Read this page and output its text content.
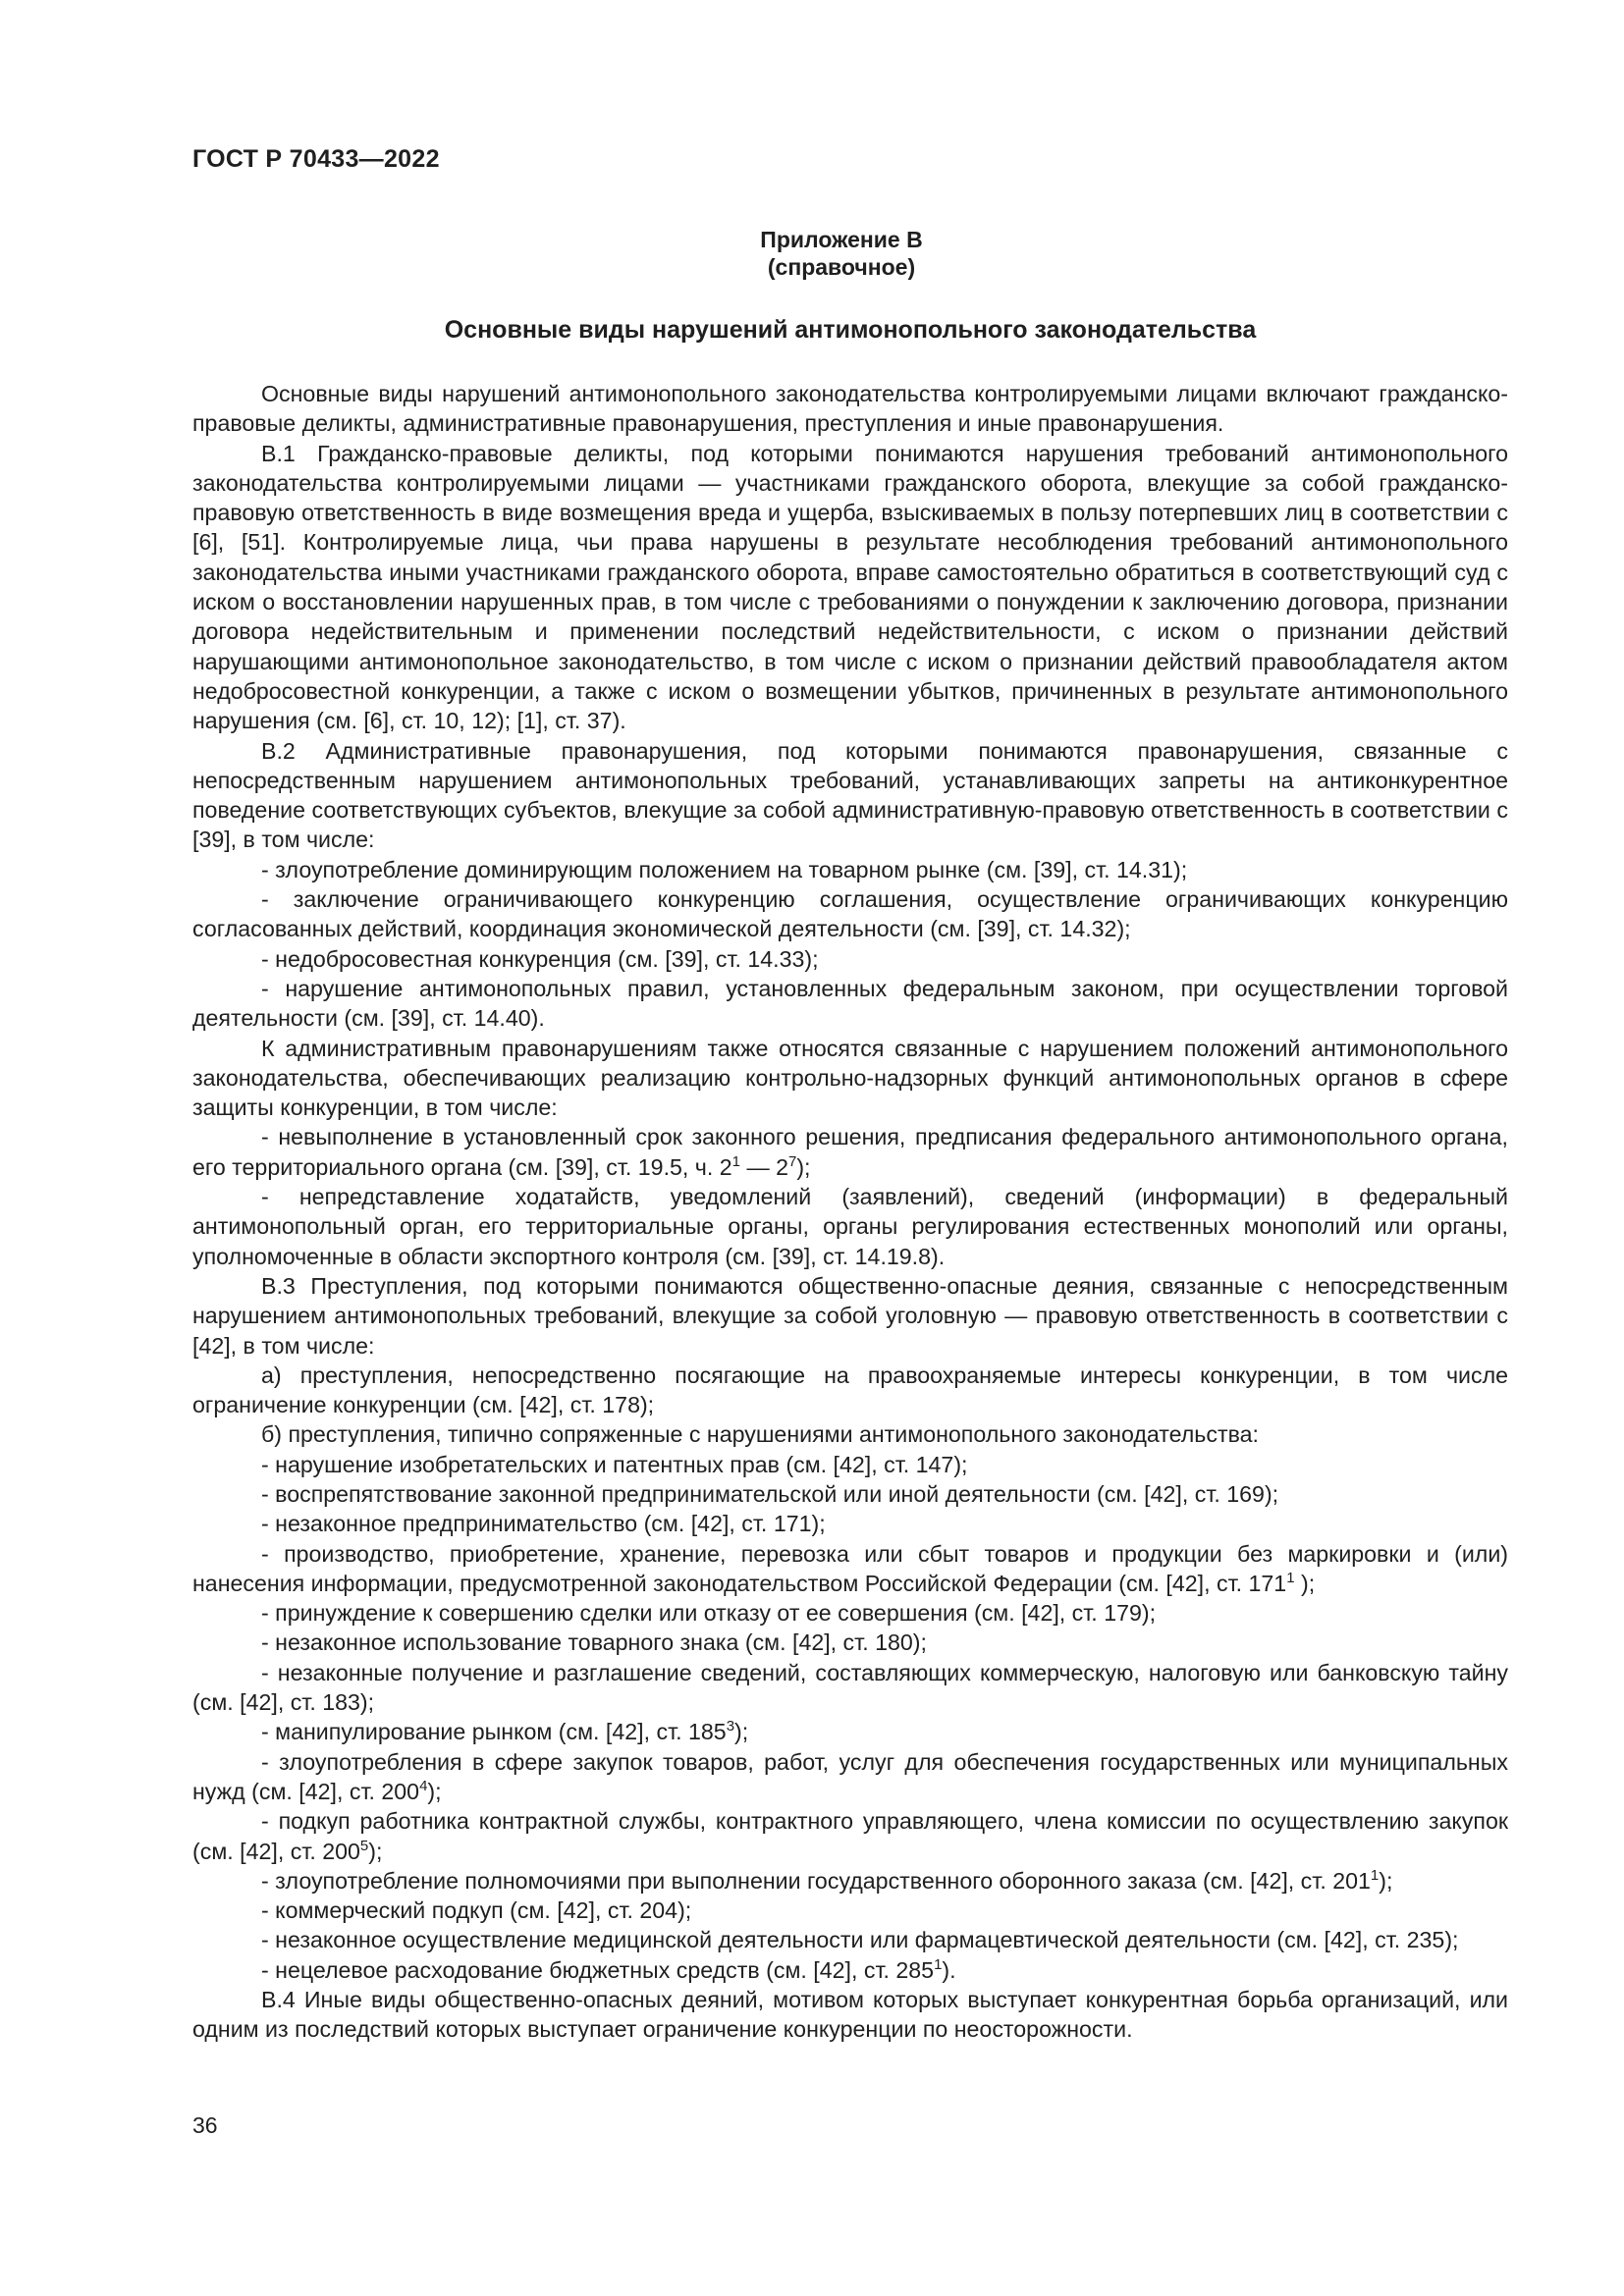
ГОСТ Р 70433—2022
Приложение В
(справочное)
Основные виды нарушений антимонопольного законодательства

Основные виды нарушений антимонопольного законодательства контролируемыми лицами включают гражданско-правовые деликты, административные правонарушения, преступления и иные правонарушения.

В.1 Гражданско-правовые деликты, под которыми понимаются нарушения требований антимонопольного законодательства контролируемыми лицами — участниками гражданского оборота, влекущие за собой гражданско-правовую ответственность в виде возмещения вреда и ущерба, взыскиваемых в пользу потерпевших лиц в соответствии с [6], [51]. Контролируемые лица, чьи права нарушены в результате несоблюдения требований антимонопольного законодательства иными участниками гражданского оборота, вправе самостоятельно обратиться в соответствующий суд с иском о восстановлении нарушенных прав, в том числе с требованиями о понуждении к заключению договора, признании договора недействительным и применении последствий недействительности, с иском о признании действий нарушающими антимонопольное законодательство, в том числе с иском о признании действий правообладателя актом недобросовестной конкуренции, а также с иском о возмещении убытков, причиненных в результате антимонопольного нарушения (см. [6], ст. 10, 12); [1], ст. 37).

В.2 Административные правонарушения, под которыми понимаются правонарушения, связанные с непосредственным нарушением антимонопольных требований, устанавливающих запреты на антиконкурентное поведение соответствующих субъектов, влекущие за собой административную-правовую ответственность в соответствии с [39], в том числе:

- злоупотребление доминирующим положением на товарном рынке (см. [39], ст. 14.31);

- заключение ограничивающего конкуренцию соглашения, осуществление ограничивающих конкуренцию согласованных действий, координация экономической деятельности (см. [39], ст. 14.32);

- недобросовестная конкуренция (см. [39], ст. 14.33);

- нарушение антимонопольных правил, установленных федеральным законом, при осуществлении торговой деятельности (см. [39], ст. 14.40).

К административным правонарушениям также относятся связанные с нарушением положений антимонопольного законодательства, обеспечивающих реализацию контрольно-надзорных функций антимонопольных органов в сфере защиты конкуренции, в том числе:

- невыполнение в установленный срок законного решения, предписания федерального антимонопольного органа, его территориального органа (см. [39], ст. 19.5, ч. $2^1$ — $2^7$);

- непредставление ходатайств, уведомлений (заявлений), сведений (информации) в федеральный антимонопольный орган, его территориальные органы, органы регулирования естественных монополий или органы, уполномоченные в области экспортного контроля (см. [39], ст. 14.19.8).

В.3 Преступления, под которыми понимаются общественно-опасные деяния, связанные с непосредственным нарушением антимонопольных требований, влекущие за собой уголовную — правовую ответственность в соответствии с [42], в том числе:

а) преступления, непосредственно посягающие на правоохраняемые интересы конкуренции, в том числе ограничение конкуренции (см. [42], ст. 178);

б) преступления, типично сопряженные с нарушениями антимонопольного законодательства:

- нарушение изобретательских и патентных прав (см. [42], ст. 147);

- воспрепятствование законной предпринимательской или иной деятельности (см. [42], ст. 169);

- незаконное предпринимательство (см. [42], ст. 171);

- производство, приобретение, хранение, перевозка или сбыт товаров и продукции без маркировки и (или) нанесения информации, предусмотренной законодательством Российской Федерации (см. [42], ст. $171^1$ );

- принуждение к совершению сделки или отказу от ее совершения (см. [42], ст. 179);

- незаконное использование товарного знака (см. [42], ст. 180);

- незаконные получение и разглашение сведений, составляющих коммерческую, налоговую или банковскую тайну (см. [42], ст. 183);

- манипулирование рынком (см. [42], ст. $185^3$);

- злоупотребления в сфере закупок товаров, работ, услуг для обеспечения государственных или муниципальных нужд (см. [42], ст. $200^4$);

- подкуп работника контрактной службы, контрактного управляющего, члена комиссии по осуществлению закупок (см. [42], ст. $200^5$);

- злоупотребление полномочиями при выполнении государственного оборонного заказа (см. [42], ст. $201^1$);

- коммерческий подкуп (см. [42], ст. 204);

- незаконное осуществление медицинской деятельности или фармацевтической деятельности (см. [42], ст. 235);

- нецелевое расходование бюджетных средств (см. [42], ст. $285^1$).

В.4 Иные виды общественно-опасных деяний, мотивом которых выступает конкурентная борьба организаций, или одним из последствий которых выступает ограничение конкуренции по неосторожности.

36
